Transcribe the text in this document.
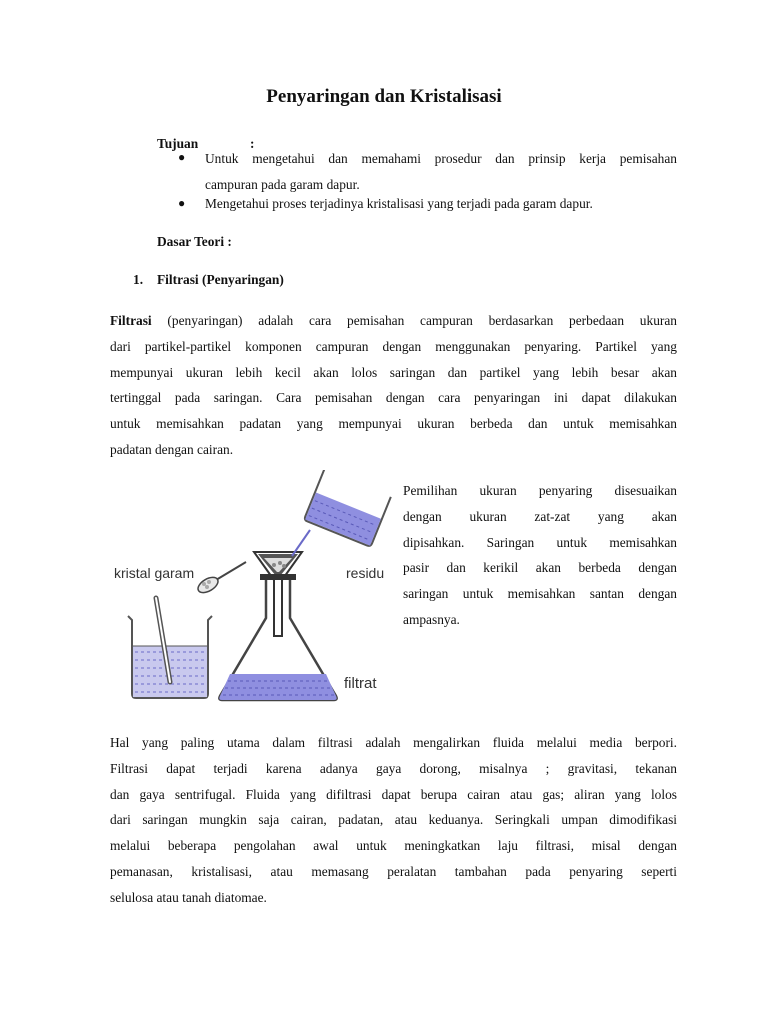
Penyaringan dan Kristalisasi
Tujuan	:
● Untuk mengetahui dan memahami prosedur dan prinsip kerja pemisahan
campuran pada garam dapur.
● Mengetahui proses terjadinya kristalisasi yang terjadi pada garam dapur.
Dasar Teori :
1. Filtrasi (Penyaringan)
Filtrasi (penyaringan) adalah cara pemisahan campuran berdasarkan perbedaan ukuran
dari partikel-partikel komponen campuran dengan menggunakan penyaring. Partikel yang
mempunyai ukuran lebih kecil akan lolos saringan dan partikel yang lebih besar akan
tertinggal pada saringan. Cara pemisahan dengan cara penyaringan ini dapat dilakukan
untuk memisahkan padatan yang mempunyai ukuran berbeda dan untuk memisahkan
padatan dengan cairan.
kristal garam	residu
filtrat
Pemilihan ukuran penyaring disesuaikan
dengan ukuran zat-zat yang akan
dipisahkan. Saringan untuk memisahkan
pasir dan kerikil akan berbeda dengan
saringan untuk memisahkan santan dengan
ampasnya.
Hal yang paling utama dalam filtrasi adalah mengalirkan fluida melalui media berpori.
Filtrasi dapat terjadi karena adanya gaya dorong, misalnya ; gravitasi, tekanan
dan gaya sentrifugal. Fluida yang difiltrasi dapat berupa cairan atau gas; aliran yang lolos
dari saringan mungkin saja cairan, padatan, atau keduanya. Seringkali umpan dimodifikasi
melalui beberapa pengolahan awal untuk meningkatkan laju filtrasi, misal dengan
pemanasan, kristalisasi, atau memasang peralatan tambahan pada penyaring seperti
selulosa atau tanah diatomae.
